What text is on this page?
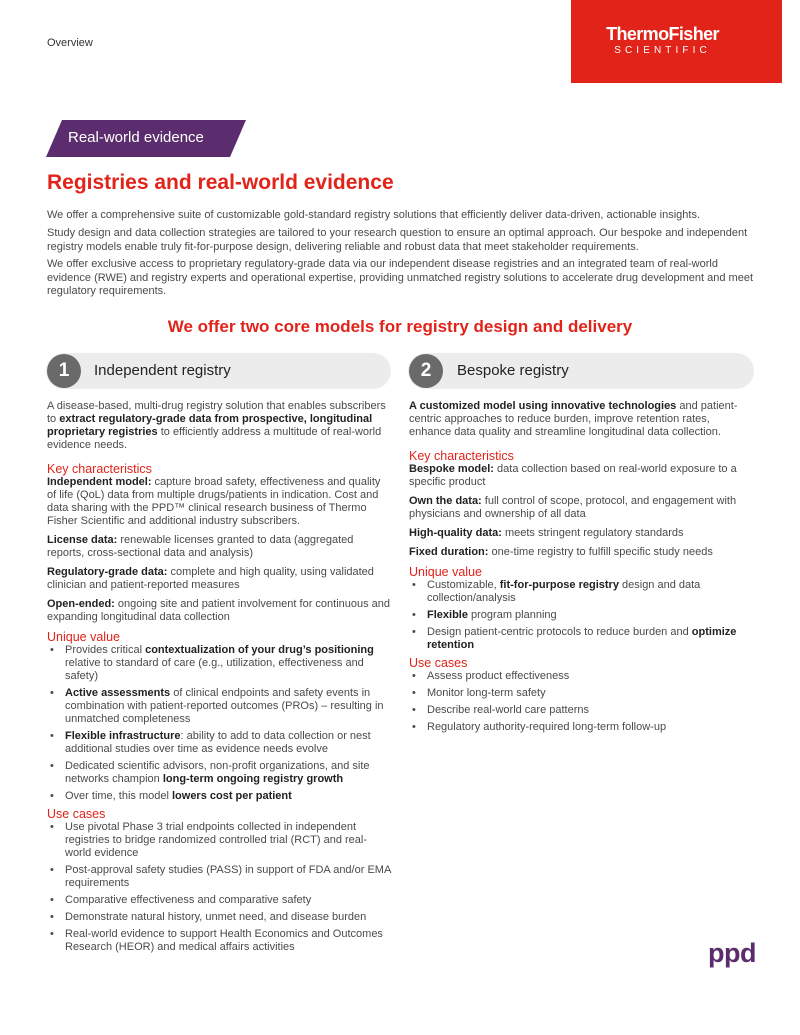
Overview	ThermoFisher
SCIENTIFIC
Real-world evidence
Registries and real-world evidence

We offer a comprehensive suite of customizable gold-standard registry solutions that efficiently deliver data-driven, actionable insights.

Study design and data collection strategies are tailored to your research question to ensure an optimal approach. Our bespoke and independent registry models enable truly fit-for-purpose design, delivering reliable and robust data that meet stakeholder requirements.

We offer exclusive access to proprietary regulatory-grade data via our independent disease registries and an integrated team of real-world evidence (RWE) and registry experts and operational expertise, providing unmatched registry solutions to accelerate drug development and meet regulatory requirements.

We offer two core models for registry design and delivery
1	Independent registry	2	Bespoke registry

A disease-based, multi-drug registry solution that enables subscribers to extract regulatory-grade data from prospective, longitudinal proprietary registries to efficiently address a multitude of real-world evidence needs.

Key characteristics

Independent model: capture broad safety, effectiveness and quality of life (QoL) data from multiple drugs/patients in indication. Cost and data sharing with the PPD™ clinical research business of Thermo Fisher Scientific and additional industry subscribers.

License data: renewable licenses granted to data (aggregated reports, cross-sectional data and analysis)

Regulatory-grade data: complete and high quality, using validated clinician and patient-reported measures

Open-ended: ongoing site and patient involvement for continuous and expanding longitudinal data collection

Unique value
• Provides critical contextualization of your drug’s positioning relative to standard of care (e.g., utilization, effectiveness and safety)
• Active assessments of clinical endpoints and safety events in combination with patient-reported outcomes (PROs) – resulting in unmatched completeness
• Flexible infrastructure: ability to add to data collection or nest additional studies over time as evidence needs evolve
• Dedicated scientific advisors, non-profit organizations, and site networks champion long-term ongoing registry growth
• Over time, this model lowers cost per patient
Use cases
• Use pivotal Phase 3 trial endpoints collected in independent registries to bridge randomized controlled trial (RCT) and real-world evidence
• Post-approval safety studies (PASS) in support of FDA and/or EMA requirements
• Comparative effectiveness and comparative safety
• Demonstrate natural history, unmet need, and disease burden
• Real-world evidence to support Health Economics and Outcomes Research (HEOR) and medical affairs activities

A customized model using innovative technologies and patient-centric approaches to reduce burden, improve retention rates, enhance data quality and streamline longitudinal data collection.

Key characteristics

Bespoke model: data collection based on real-world exposure to a specific product

Own the data: full control of scope, protocol, and engagement with physicians and ownership of all data

High-quality data: meets stringent regulatory standards

Fixed duration: one-time registry to fulfill specific study needs

Unique value
• Customizable, fit-for-purpose registry design and data collection/analysis
• Flexible program planning
• Design patient-centric protocols to reduce burden and optimize retention
Use cases
• Assess product effectiveness
• Monitor long-term safety
• Describe real-world care patterns
• Regulatory authority-required long-term follow-up
ppd
